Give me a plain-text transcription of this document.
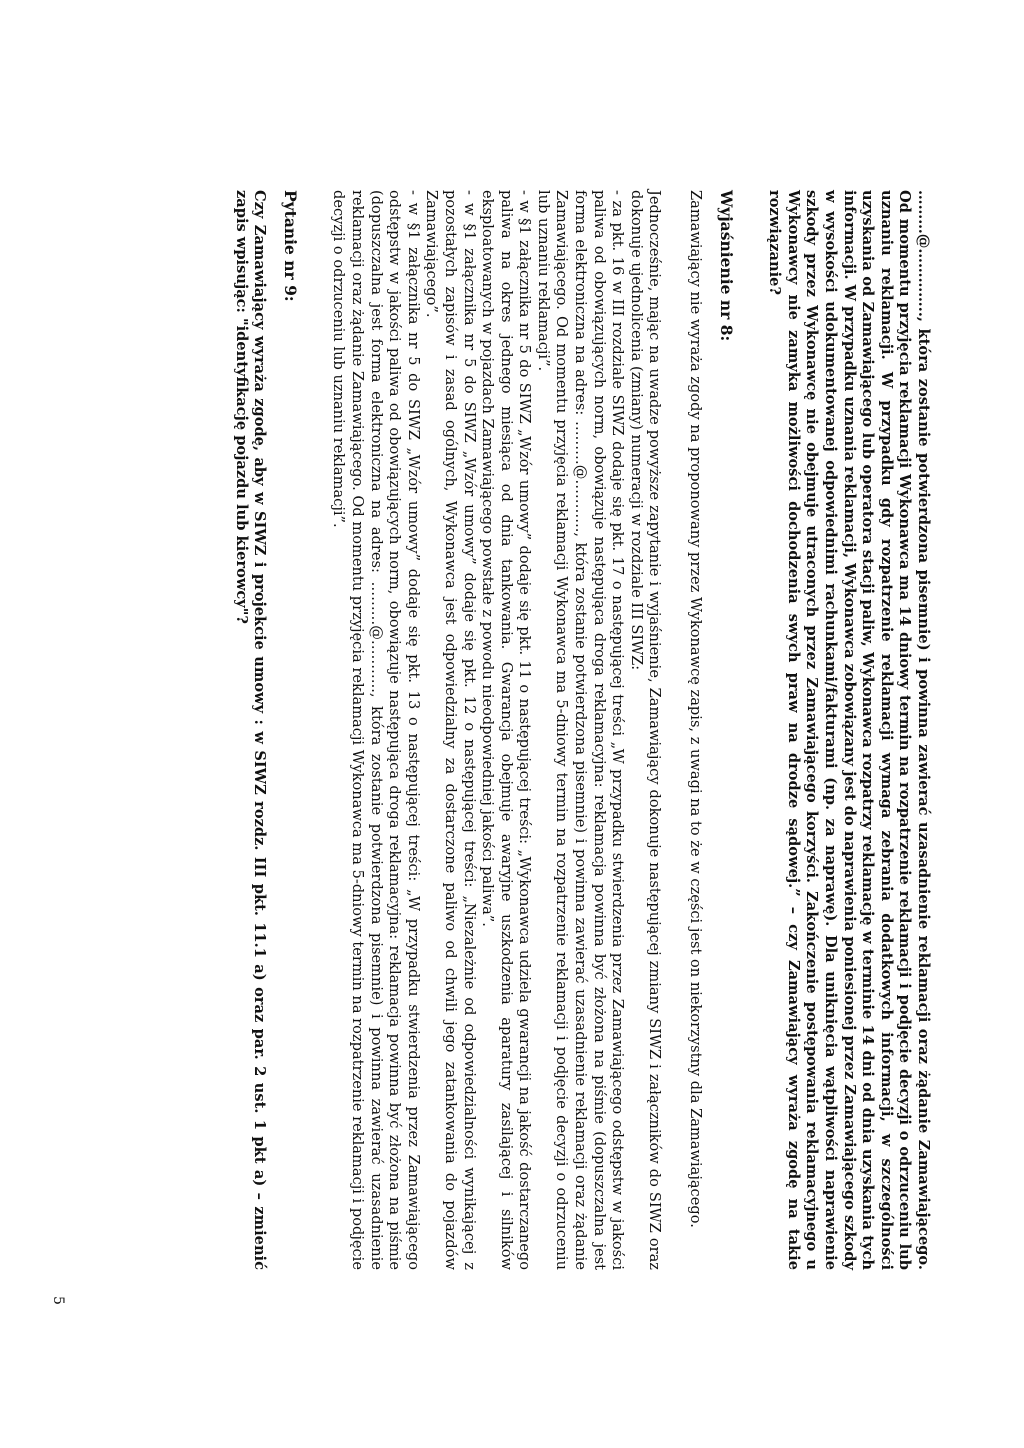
………@………….., która zostanie potwierdzona pisemnie) i powinna zawierać uzasadnienie reklamacji oraz żądanie Zamawiającego. Od momentu przyjęcia reklamacji Wykonawca ma 14 dniowy termin na rozpatrzenie reklamacji i podjęcie decyzji o odrzuceniu lub uznaniu reklamacji. W przypadku gdy rozpatrzenie reklamacji wymaga zebrania dodatkowych informacji, w szczególności uzyskania od Zamawiającego lub operatora stacji paliw, Wykonawca rozpatrzy reklamację w terminie 14 dni od dnia uzyskania tych informacji. W przypadku uznania reklamacji, Wykonawca zobowiązany jest do naprawienia poniesionej przez Zamawiającego szkody w wysokości udokumentowanej odpowiednimi rachunkami/fakturami (np. za naprawę). Dla uniknięcia wątpliwości naprawienie szkody przez Wykonawcę nie obejmuje utraconych przez Zamawiającego korzyści. Zakończenie postępowania reklamacyjnego u Wykonawcy nie zamyka możliwości dochodzenia swych praw na drodze sądowej.” – czy Zamawiający wyraża zgodę na takie rozwiązanie?

Wyjaśnienie nr 8:

Zamawiający nie wyraża zgody na proponowany przez Wykonawcę zapis, z uwagi na to że w części jest on niekorzystny dla Zamawiającego.

Jednocześnie, mając na uwadze powyższe zapytanie i wyjaśnienie, Zamawiający dokonuje następującej zmiany SIWZ i załączników do SIWZ oraz dokonuje ujednolicenia (zmiany) numeracji w rozdziale III SIWZ:

- za pkt. 16 w III rozdziale SIWZ dodaje się pkt. 17 o następującej treści „W przypadku stwierdzenia przez Zamawiającego odstępstw w jakości paliwa od obowiązujących norm, obowiązuje następująca droga reklamacyjna: reklamacja powinna być złożona na piśmie (dopuszczalna jest forma elektroniczna na adres: ………@……….., która zostanie potwierdzona pisemnie) i powinna zawierać uzasadnienie reklamacji oraz żądanie Zamawiającego. Od momentu przyjęcia reklamacji Wykonawca ma 5-dniowy termin na rozpatrzenie reklamacji i podjęcie decyzji o odrzuceniu lub uznaniu reklamacji”.

- w §1 załącznika nr 5 do SIWZ „Wzór umowy” dodaje się pkt. 11 o następującej treści: „Wykonawca udziela gwarancji na jakość dostarczanego paliwa na okres jednego miesiąca od dnia tankowania. Gwarancja obejmuje awaryjne uszkodzenia aparatury zasilającej i silników eksploatowanych w pojazdach Zamawiającego powstałe z powodu nieodpowiedniej jakości paliwa”.

- w §1 załącznika nr 5 do SIWZ „Wzór umowy” dodaje się pkt. 12 o następującej treści: „Niezależnie od odpowiedzialności wynikającej z pozostałych zapisów i zasad ogólnych, Wykonawca jest odpowiedzialny za dostarczone paliwo od chwili jego zatankowania do pojazdów Zamawiającego”.

- w §1 załącznika nr 5 do SIWZ „Wzór umowy” dodaje się pkt. 13 o następującej treści: „W przypadku stwierdzenia przez Zamawiającego odstępstw w jakości paliwa od obowiązujących norm, obowiązuje następująca droga reklamacyjna: reklamacja powinna być złożona na piśmie (dopuszczalna jest forma elektroniczna na adres: ………@……….., która zostanie potwierdzona pisemnie) i powinna zawierać uzasadnienie reklamacji oraz żądanie Zamawiającego. Od momentu przyjęcia reklamacji Wykonawca ma 5-dniowy termin na rozpatrzenie reklamacji i podjęcie decyzji o odrzuceniu lub uznaniu reklamacji”.

Pytanie nr 9:

Czy Zamawiający wyraża zgodę, aby w SIWZ i projekcie umowy : w SIWZ rozdz. III pkt. 11.1 a) oraz par. 2 ust. 1 pkt a) – zmienić zapis wpisując: "identyfikację pojazdu lub kierowcy"?

5
